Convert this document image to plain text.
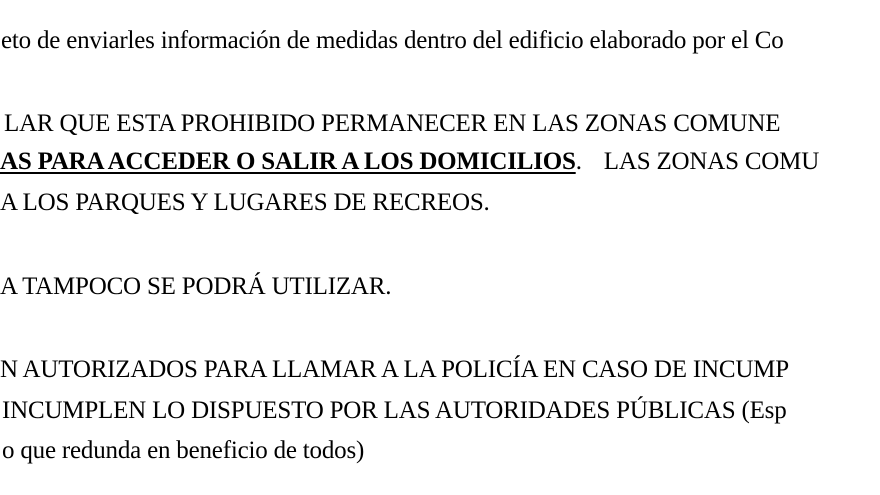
eto de enviarles información de medidas dentro del edificio elaborado por el Co
LAR QUE ESTA PROHIBIDO PERMANECER EN LAS ZONAS COMUNE
AS PARA ACCEDER O SALIR A LOS DOMICILIOS. LAS ZONAS COMU
A LOS PARQUES Y LUGARES DE RECREOS.
A TAMPOCO SE PODRÁ UTILIZAR.
N AUTORIZADOS PARA LLAMAR A LA POLICÍA EN CASO DE INCUMP
INCUMPLEN LO DISPUESTO POR LAS AUTORIDADES PÚBLICAS (Esp
o que redunda en beneficio de todos)
